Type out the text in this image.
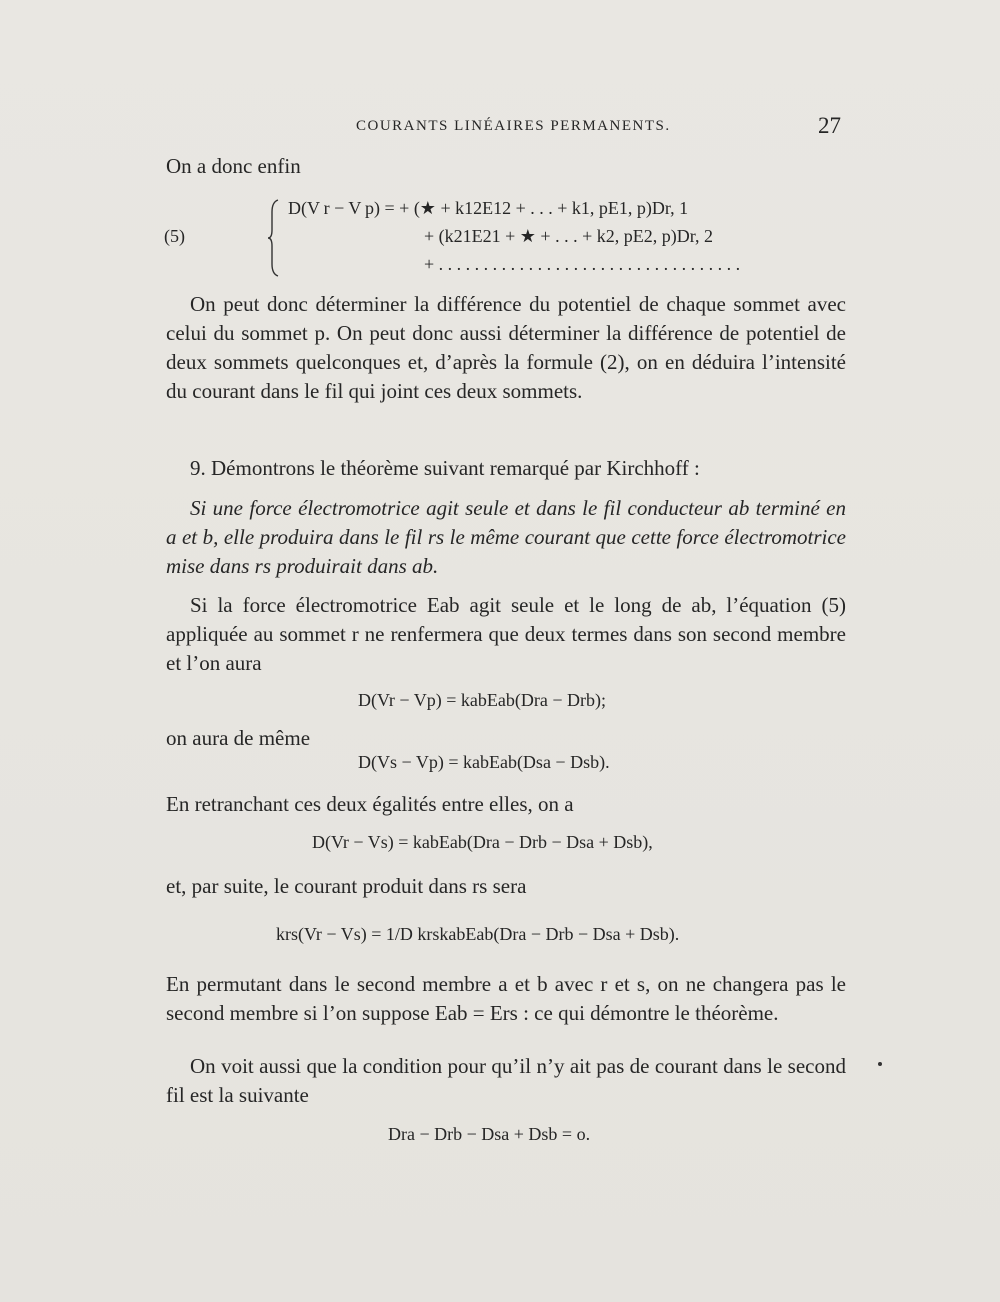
COURANTS LINÉAIRES PERMANENTS.	27
On a donc enfin
(5)
D(V r − V p) = + (★ + k12E12 + . . . + k1, pE1, p)Dr, 1
+ (k21E21 + ★ + . . . + k2, pE2, p)Dr, 2
+ . . . . . . . . . . . . . . . . . . . . . . . . . . . . . . . . . .
On peut donc déterminer la différence du potentiel de chaque sommet avec celui du sommet p. On peut donc aussi déterminer la différence de potentiel de deux sommets quelconques et, d’après la formule (2), on en déduira l’intensité du courant dans le fil qui joint ces deux sommets.
9. Démontrons le théorème suivant remarqué par Kirchhoff :
Si une force électromotrice agit seule et dans le fil conducteur ab terminé en a et b, elle produira dans le fil rs le même courant que cette force électromotrice mise dans rs produirait dans ab.
Si la force électromotrice Eab agit seule et le long de ab, l’équation (5) appliquée au sommet r ne renfermera que deux termes dans son second membre et l’on aura
D(Vr − Vp) = kabEab(Dra − Drb);
on aura de même
D(Vs − Vp) = kabEab(Dsa − Dsb).
En retranchant ces deux égalités entre elles, on a
D(Vr − Vs) = kabEab(Dra − Drb − Dsa + Dsb),
et, par suite, le courant produit dans rs sera
krs(Vr − Vs) = 1/D krskabEab(Dra − Drb − Dsa + Dsb).
En permutant dans le second membre a et b avec r et s, on ne changera pas le second membre si l’on suppose Eab = Ers : ce qui démontre le théorème.
On voit aussi que la condition pour qu’il n’y ait pas de courant dans le second fil est la suivante
Dra − Drb − Dsa + Dsb = o.
